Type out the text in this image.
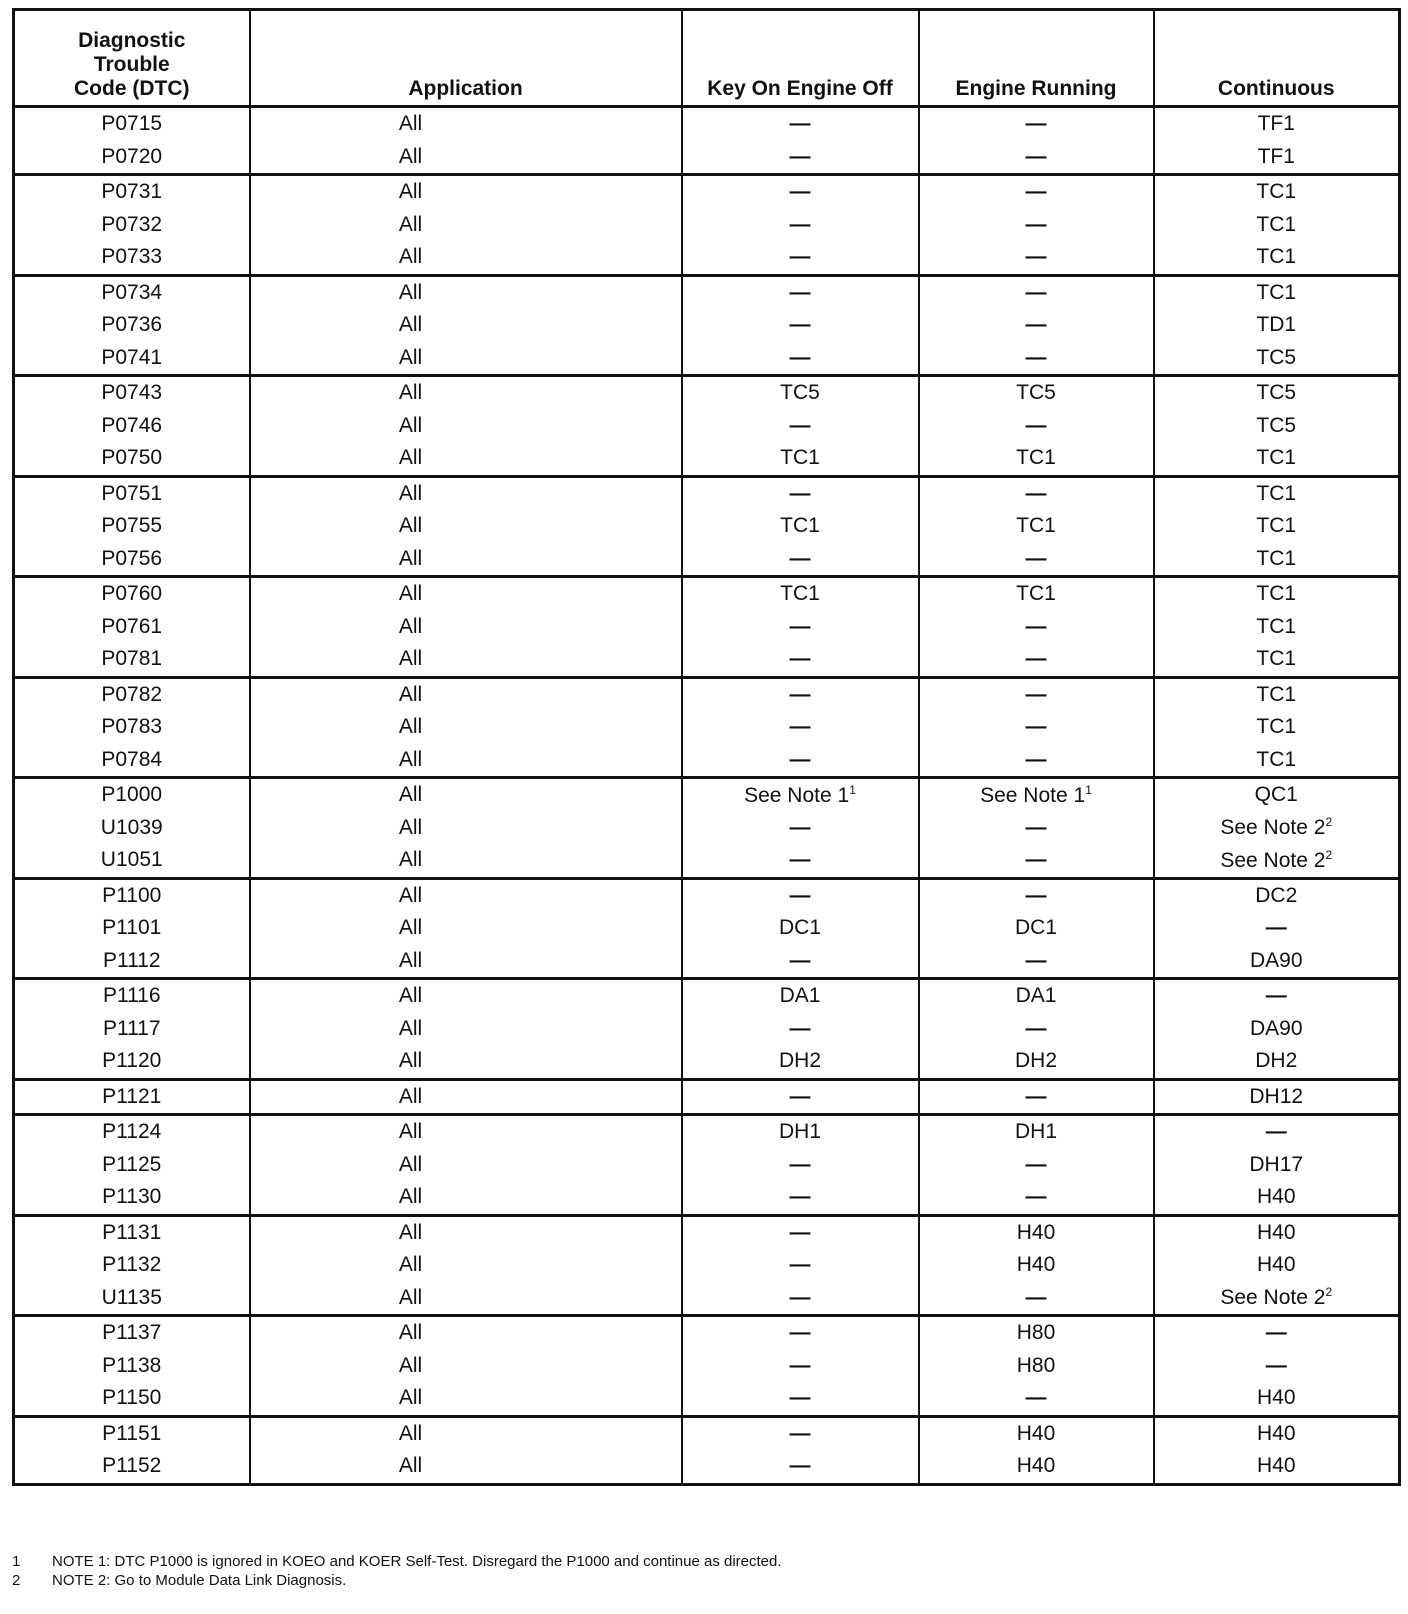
Diagnostic
Trouble
Code (DTC)	Application	Key On Engine Off	Engine Running	Continuous
P0715	All	—	—	TF1
P0720	All	—	—	TF1
P0731	All	—	—	TC1
P0732	All	—	—	TC1
P0733	All	—	—	TC1
P0734	All	—	—	TC1
P0736	All	—	—	TD1
P0741	All	—	—	TC5
P0743	All	TC5	TC5	TC5
P0746	All	—	—	TC5
P0750	All	TC1	TC1	TC1
P0751	All	—	—	TC1
P0755	All	TC1	TC1	TC1
P0756	All	—	—	TC1
P0760	All	TC1	TC1	TC1
P0761	All	—	—	TC1
P0781	All	—	—	TC1
P0782	All	—	—	TC1
P0783	All	—	—	TC1
P0784	All	—	—	TC1
P1000	All	See Note $1^1$	See Note $1^1$	QC1
U1039	All	—	—	See Note $2^2$
U1051	All	—	—	See Note $2^2$
P1100	All	—	—	DC2
P1101	All	DC1	DC1	—
P1112	All	—	—	DA90
P1116	All	DA1	DA1	—
P1117	All	—	—	DA90
P1120	All	DH2	DH2	DH2
P1121	All	—	—	DH12
P1124	All	DH1	DH1	—
P1125	All	—	—	DH17
P1130	All	—	—	H40
P1131	All	—	H40	H40
P1132	All	—	H40	H40
U1135	All	—	—	See Note $2^2$
P1137	All	—	H80	—
P1138	All	—	H80	—
P1150	All	—	—	H40
P1151	All	—	H40	H40
P1152	All	—	H40	H40
1 NOTE 1: DTC P1000 is ignored in KOEO and KOER Self-Test. Disregard the P1000 and continue as directed.
2 NOTE 2: Go to Module Data Link Diagnosis.
